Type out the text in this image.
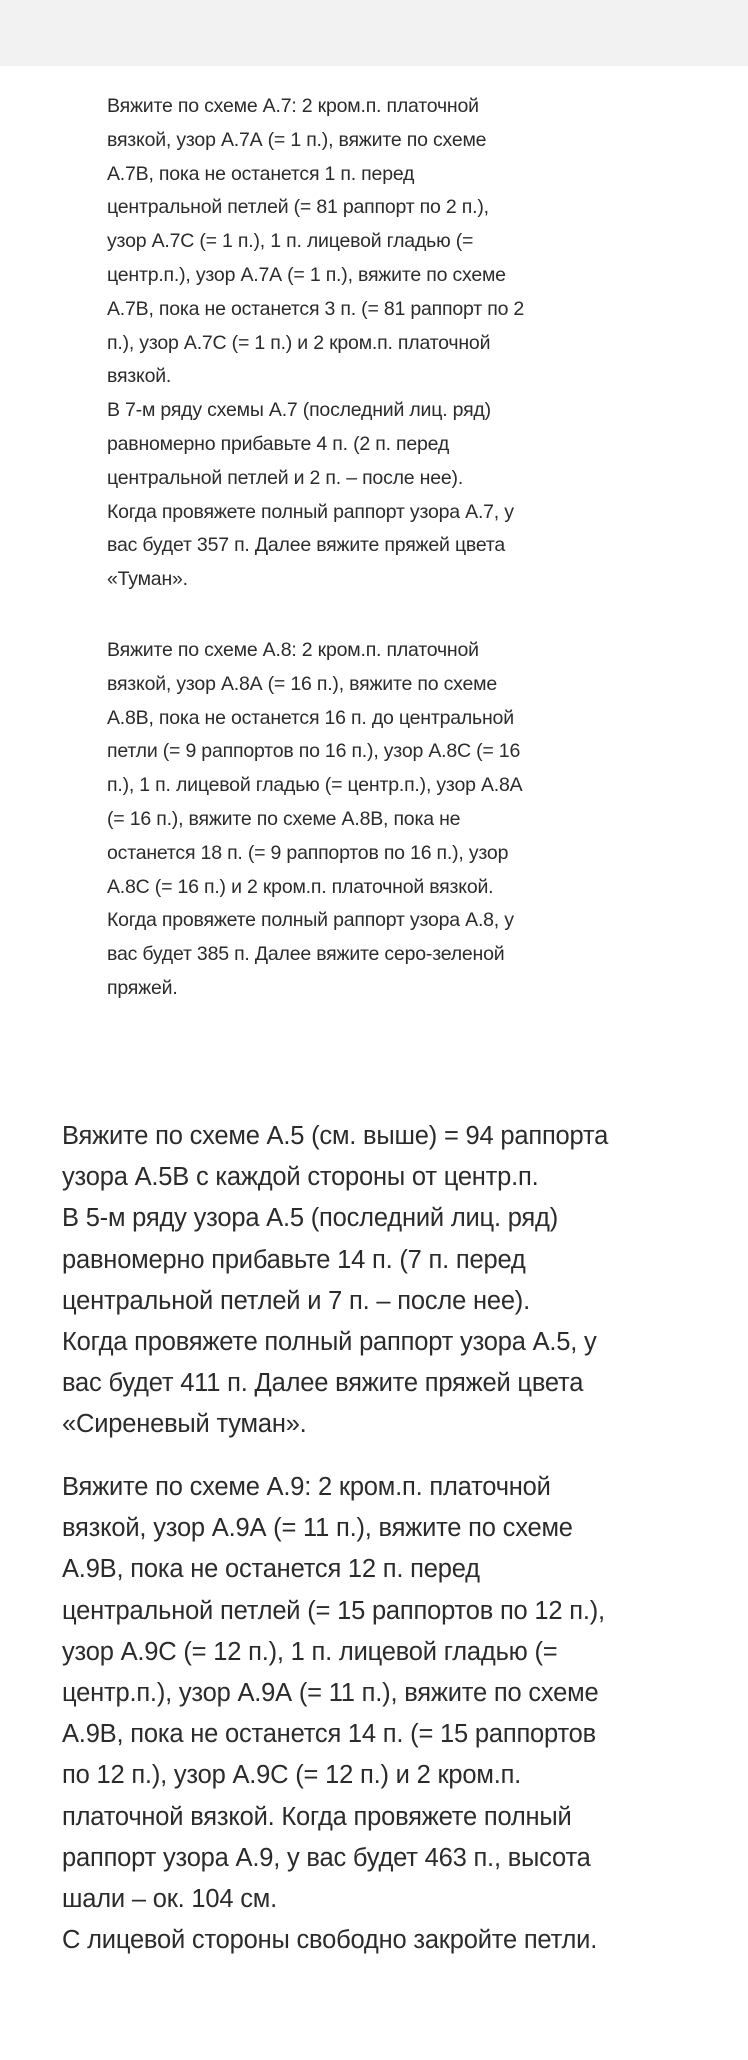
Вяжите по схеме А.7: 2 кром.п. платочной
вязкой, узор А.7А (= 1 п.), вяжите по схеме
А.7В, пока не останется 1 п. перед
центральной петлей (= 81 раппорт по 2 п.),
узор А.7С (= 1 п.), 1 п. лицевой гладью (=
центр.п.), узор А.7А (= 1 п.), вяжите по схеме
А.7В, пока не останется 3 п. (= 81 раппорт по 2
п.), узор А.7С (= 1 п.) и 2 кром.п. платочной
вязкой.
В 7-м ряду схемы А.7 (последний лиц. ряд)
равномерно прибавьте 4 п. (2 п. перед
центральной петлей и 2 п. – после нее).
Когда провяжете полный раппорт узора А.7, у
вас будет 357 п. Далее вяжите пряжей цвета
«Туман».

Вяжите по схеме А.8: 2 кром.п. платочной
вязкой, узор А.8А (= 16 п.), вяжите по схеме
А.8В, пока не останется 16 п. до центральной
петли (= 9 раппортов по 16 п.), узор А.8С (= 16
п.), 1 п. лицевой гладью (= центр.п.), узор А.8А
(= 16 п.), вяжите по схеме А.8В, пока не
останется 18 п. (= 9 раппортов по 16 п.), узор
А.8С (= 16 п.) и 2 кром.п. платочной вязкой.
Когда провяжете полный раппорт узора А.8, у
вас будет 385 п. Далее вяжите серо-зеленой
пряжей.

Вяжите по схеме А.5 (см. выше) = 94 раппорта
узора А.5В с каждой стороны от центр.п.
В 5-м ряду узора А.5 (последний лиц. ряд)
равномерно прибавьте 14 п. (7 п. перед
центральной петлей и 7 п. – после нее).
Когда провяжете полный раппорт узора А.5, у
вас будет 411 п. Далее вяжите пряжей цвета
«Сиреневый туман».

Вяжите по схеме А.9: 2 кром.п. платочной
вязкой, узор А.9А (= 11 п.), вяжите по схеме
А.9В, пока не останется 12 п. перед
центральной петлей (= 15 раппортов по 12 п.),
узор А.9С (= 12 п.), 1 п. лицевой гладью (=
центр.п.), узор А.9А (= 11 п.), вяжите по схеме
А.9В, пока не останется 14 п. (= 15 раппортов
по 12 п.), узор А.9С (= 12 п.) и 2 кром.п.
платочной вязкой. Когда провяжете полный
раппорт узора А.9, у вас будет 463 п., высота
шали – ок. 104 см.
С лицевой стороны свободно закройте петли.
